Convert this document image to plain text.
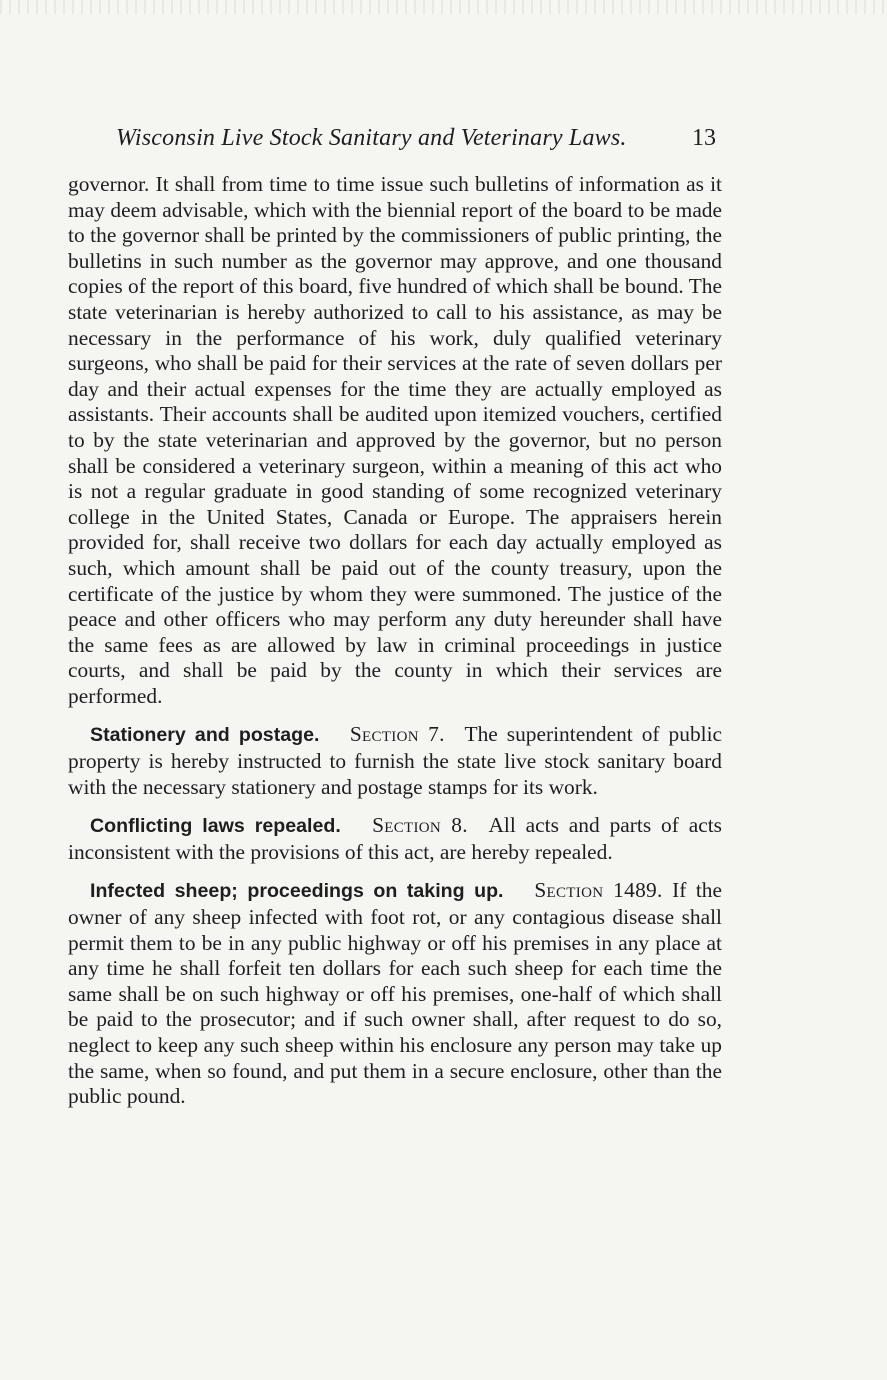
Wisconsin Live Stock Sanitary and Veterinary Laws.	13

governor. It shall from time to time issue such bulletins of information as it may deem advisable, which with the biennial report of the board to be made to the governor shall be printed by the commissioners of public printing, the bulletins in such number as the governor may approve, and one thousand copies of the report of this board, five hundred of which shall be bound. The state veterinarian is hereby authorized to call to his assistance, as may be necessary in the performance of his work, duly qualified veterinary surgeons, who shall be paid for their services at the rate of seven dollars per day and their actual expenses for the time they are actually employed as assistants. Their accounts shall be audited upon itemized vouchers, certified to by the state veterinarian and approved by the governor, but no person shall be considered a veterinary surgeon, within a meaning of this act who is not a regular graduate in good standing of some recognized veterinary college in the United States, Canada or Europe. The appraisers herein provided for, shall receive two dollars for each day actually employed as such, which amount shall be paid out of the county treasury, upon the certificate of the justice by whom they were summoned. The justice of the peace and other officers who may perform any duty hereunder shall have the same fees as are allowed by law in criminal proceedings in justice courts, and shall be paid by the county in which their services are performed.

Stationery and postage.   Section 7.   The superintendent of public property is hereby instructed to furnish the state live stock sanitary board with the necessary stationery and postage stamps for its work.

Conflicting laws repealed.   Section 8.   All acts and parts of acts inconsistent with the provisions of this act, are hereby repealed.

Infected sheep; proceedings on taking up.   Section 1489. If the owner of any sheep infected with foot rot, or any contagious disease shall permit them to be in any public highway or off his premises in any place at any time he shall forfeit ten dollars for each such sheep for each time the same shall be on such highway or off his premises, one-half of which shall be paid to the prosecutor; and if such owner shall, after request to do so, neglect to keep any such sheep within his enclosure any person may take up the same, when so found, and put them in a secure enclosure, other than the public pound.
